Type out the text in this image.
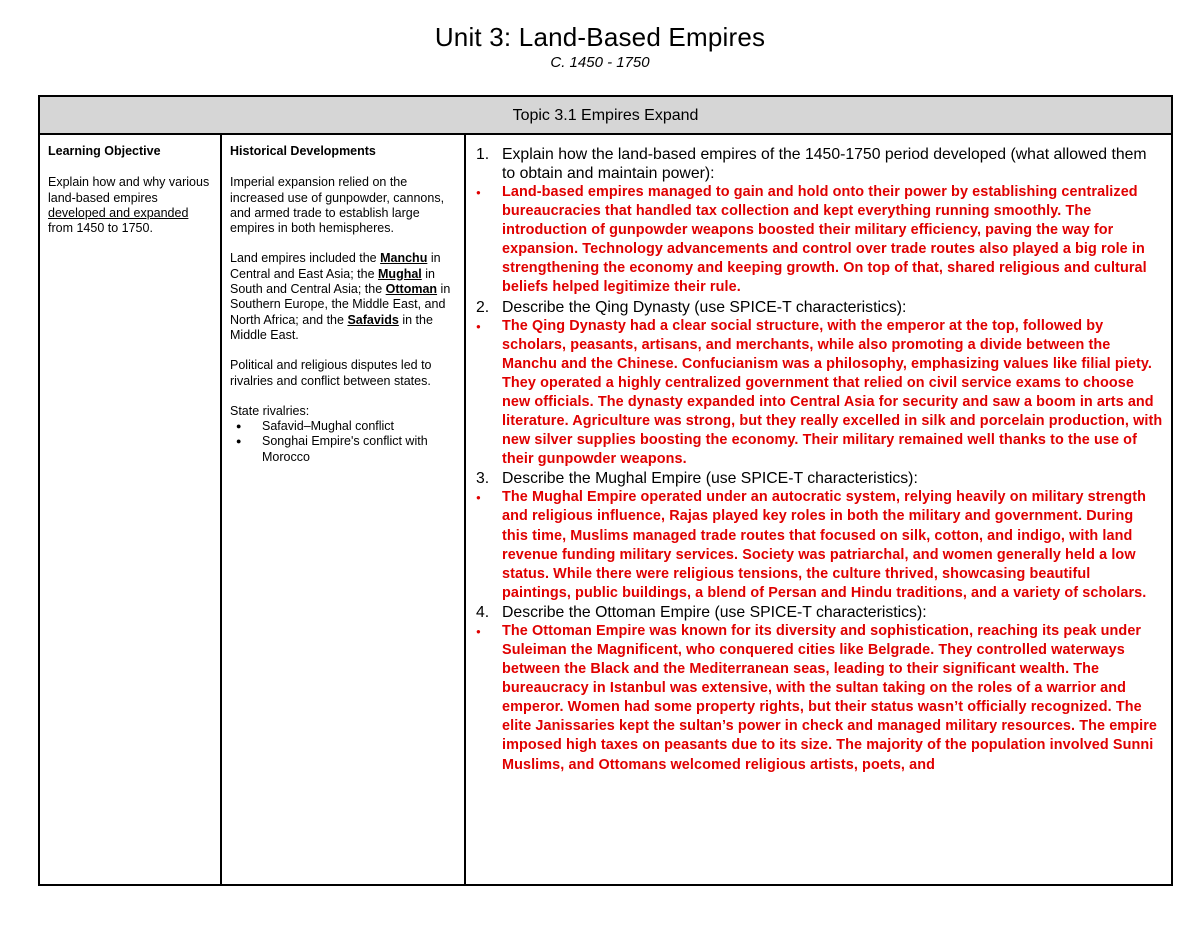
Unit 3: Land-Based Empires
C. 1450 - 1750
Topic 3.1 Empires Expand
Learning Objective
Explain how and why various land-based empires developed and expanded from 1450 to 1750.
Historical Developments
Imperial expansion relied on the increased use of gunpowder, cannons, and armed trade to establish large empires in both hemispheres.
Land empires included the Manchu in Central and East Asia; the Mughal in South and Central Asia; the Ottoman in Southern Europe, the Middle East, and North Africa; and the Safavids in the Middle East.
Political and religious disputes led to rivalries and conflict between states.
State rivalries:
● Safavid–Mughal conflict
● Songhai Empire's conflict with Morocco
1. Explain how the land-based empires of the 1450-1750 period developed (what allowed them to obtain and maintain power):
● Land-based empires managed to gain and hold onto their power by establishing centralized bureaucracies that handled tax collection and kept everything running smoothly. The introduction of gunpowder weapons boosted their military efficiency, paving the way for expansion. Technology advancements and control over trade routes also played a big role in strengthening the economy and keeping growth. On top of that, shared religious and cultural beliefs helped legitimize their rule.
2. Describe the Qing Dynasty (use SPICE-T characteristics):
● The Qing Dynasty had a clear social structure, with the emperor at the top, followed by scholars, peasants, artisans, and merchants, while also promoting a divide between the Manchu and the Chinese. Confucianism was a philosophy, emphasizing values like filial piety. They operated a highly centralized government that relied on civil service exams to choose new officials. The dynasty expanded into Central Asia for security and saw a boom in arts and literature. Agriculture was strong, but they really excelled in silk and porcelain production, with new silver supplies boosting the economy. Their military remained well thanks to the use of their gunpowder weapons.
3. Describe the Mughal Empire (use SPICE-T characteristics):
● The Mughal Empire operated under an autocratic system, relying heavily on military strength and religious influence, Rajas played key roles in both the military and government. During this time, Muslims managed trade routes that focused on silk, cotton, and indigo, with land revenue funding military services. Society was patriarchal, and women generally held a low status. While there were religious tensions, the culture thrived, showcasing beautiful paintings, public buildings, a blend of Persan and Hindu traditions, and a variety of scholars.
4. Describe the Ottoman Empire (use SPICE-T characteristics):
● The Ottoman Empire was known for its diversity and sophistication, reaching its peak under Suleiman the Magnificent, who conquered cities like Belgrade. They controlled waterways between the Black and the Mediterranean seas, leading to their significant wealth. The bureaucracy in Istanbul was extensive, with the sultan taking on the roles of a warrior and emperor. Women had some property rights, but their status wasn’t officially recognized. The elite Janissaries kept the sultan’s power in check and managed military resources. The empire imposed high taxes on peasants due to its size. The majority of the population involved Sunni Muslims, and Ottomans welcomed religious artists, poets, and
